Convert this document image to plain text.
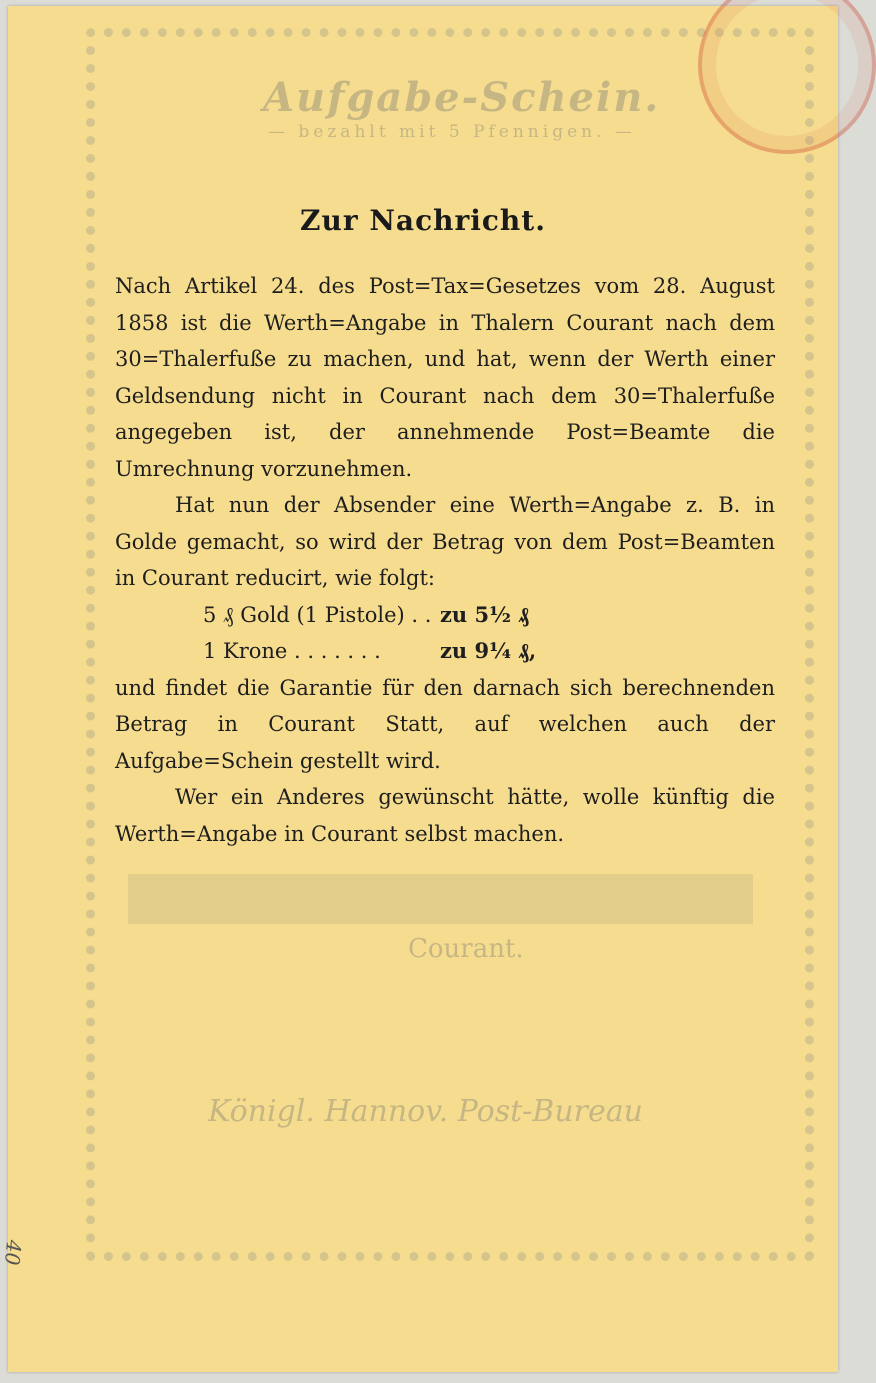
Aufgabe-Schein.
— bezahlt mit 5 Pfennigen. —
Courant.
Königl. Hannov. Post-Bureau
40
Zur Nachricht.

Nach Artikel 24. des Post=Tax=Gesetzes vom 28. August 1858 ist die Werth=Angabe in Thalern Courant nach dem 30=Thalerfuße zu machen, und hat, wenn der Werth einer Geldsendung nicht in Courant nach dem 30=Thalerfuße angegeben ist, der annehmende Post=Beamte die Umrechnung vorzunehmen.

Hat nun der Absender eine Werth=Angabe z. B. in Golde gemacht, so wird der Betrag von dem Post=Beamten in Courant reducirt, wie folgt:

5 ₰ Gold (1 Pistole) . . zu 5½ ₰
1 Krone . . . . . . .	zu 9¼ ₰,

und findet die Garantie für den darnach sich berechnenden Betrag in Courant Statt, auf welchen auch der Aufgabe=Schein gestellt wird.

Wer ein Anderes gewünscht hätte, wolle künftig die Werth=Angabe in Courant selbst machen.
